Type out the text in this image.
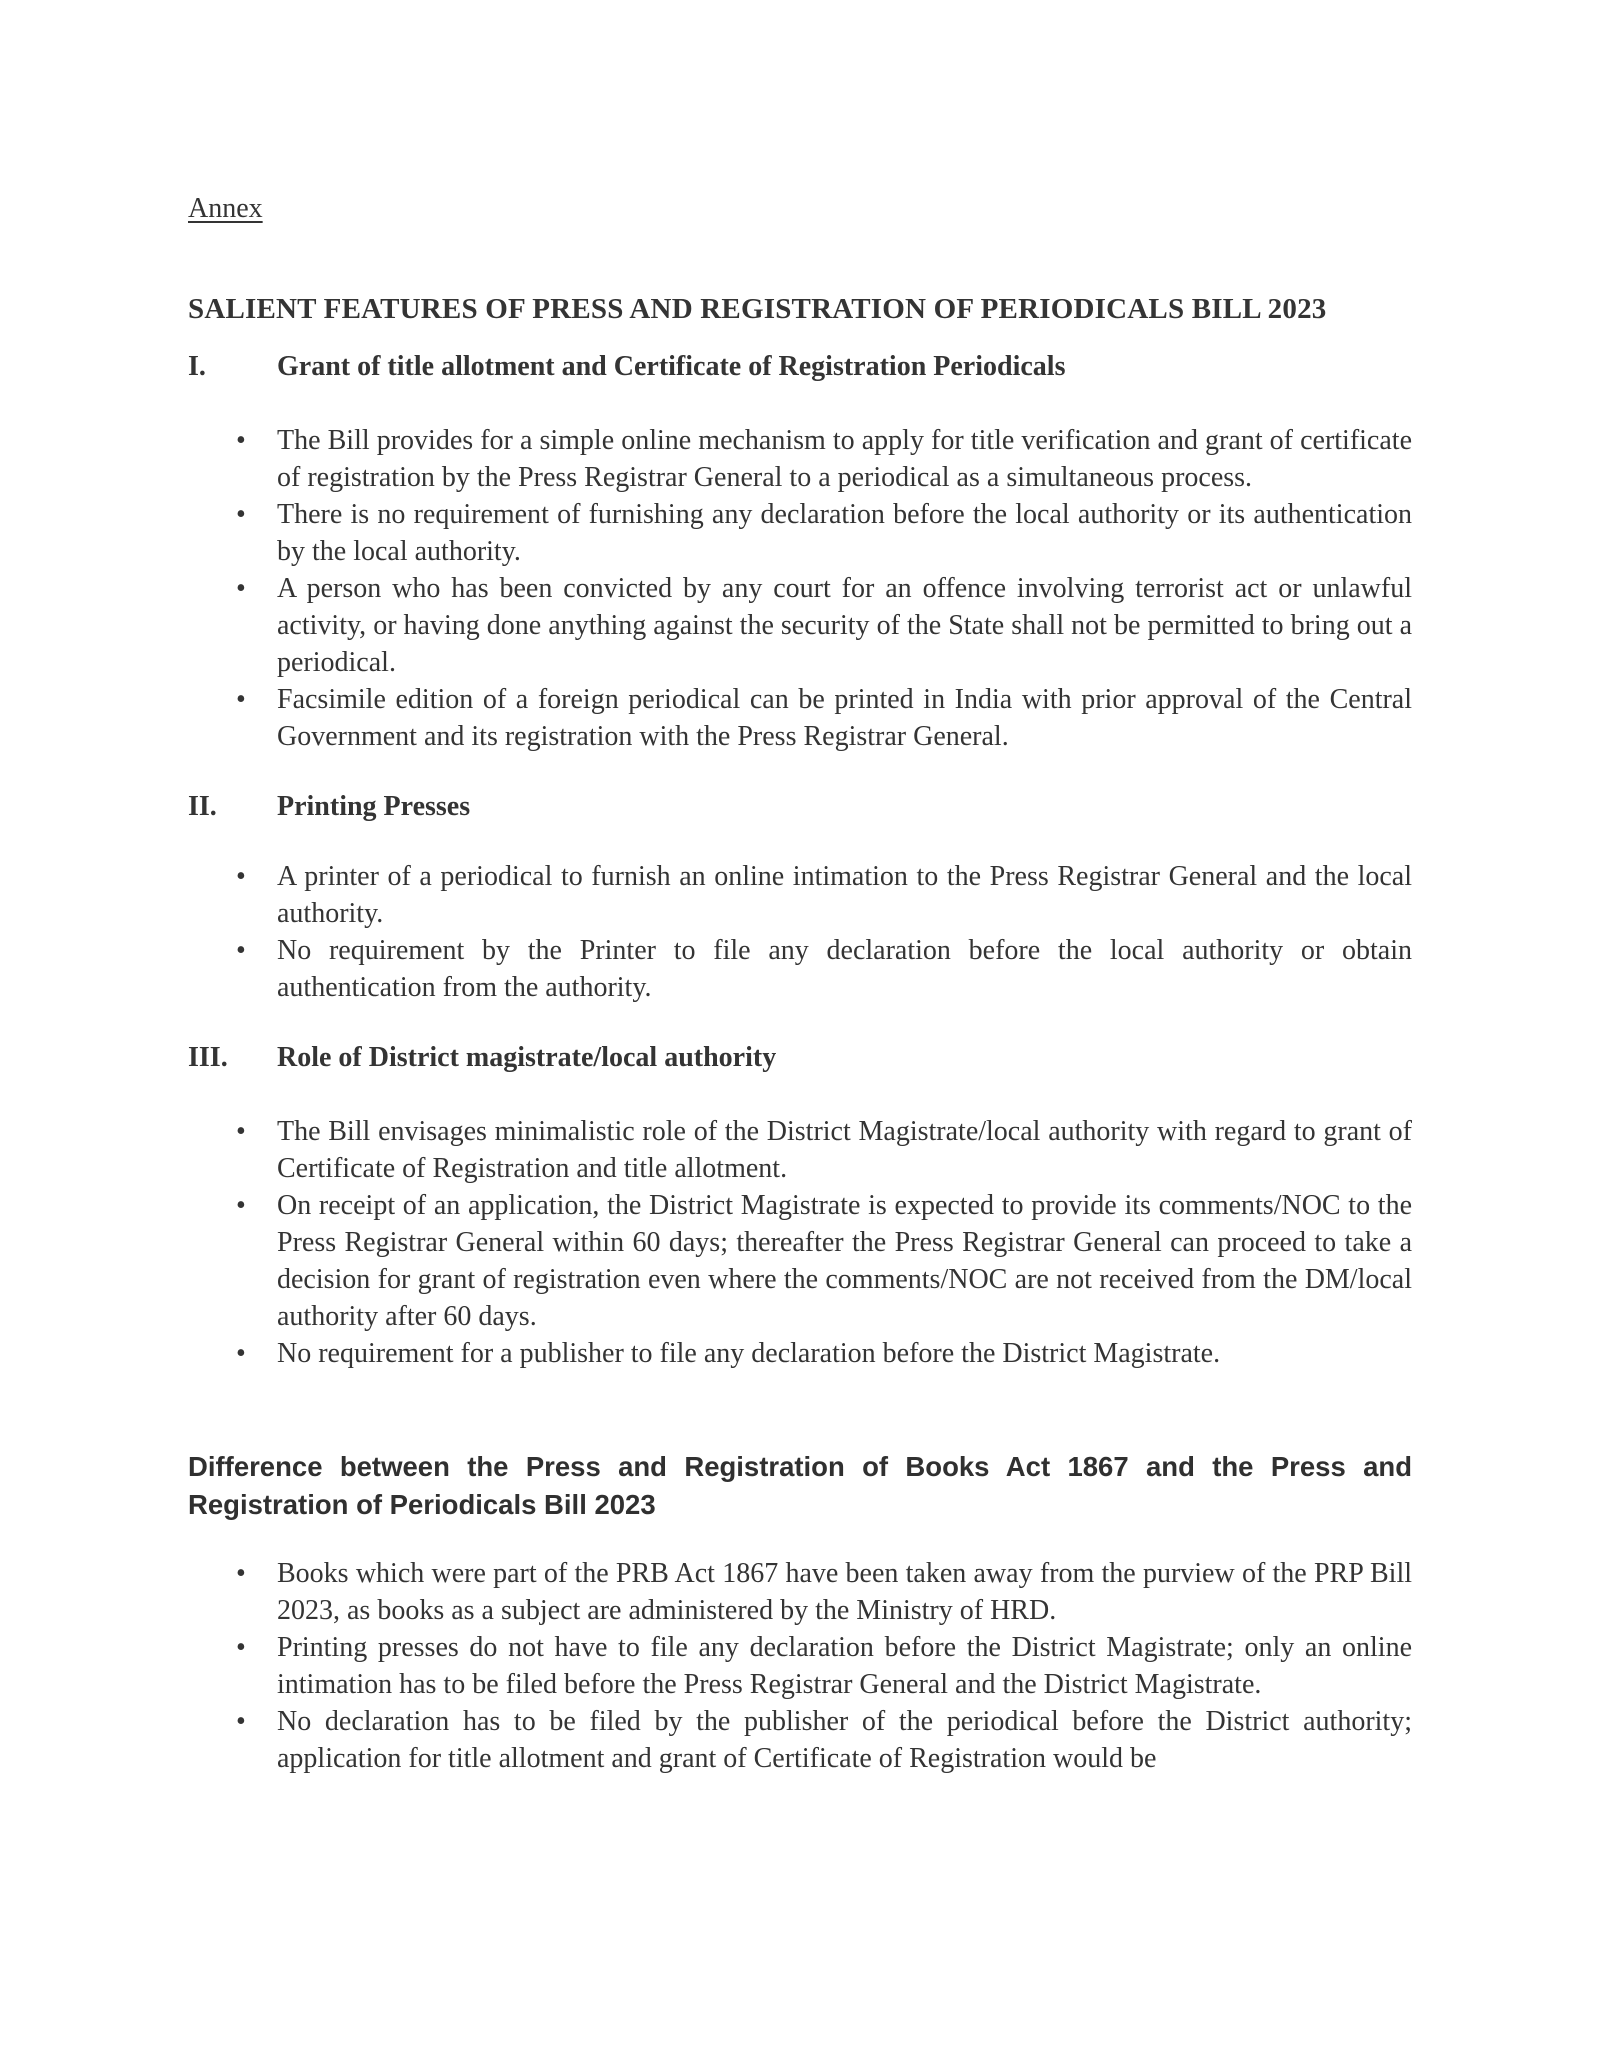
Annex
SALIENT FEATURES OF PRESS AND REGISTRATION OF PERIODICALS BILL 2023
I.	Grant of title allotment and Certificate of Registration Periodicals
• The Bill provides for a simple online mechanism to apply for title verification and grant of certificate of registration by the Press Registrar General to a periodical as a simultaneous process.
• There is no requirement of furnishing any declaration before the local authority or its authentication by the local authority.
• A person who has been convicted by any court for an offence involving terrorist act or unlawful activity, or having done anything against the security of the State shall not be permitted to bring out a periodical.
• Facsimile edition of a foreign periodical can be printed in India with prior approval of the Central Government and its registration with the Press Registrar General.
II. Printing Presses
• A printer of a periodical to furnish an online intimation to the Press Registrar General and the local authority.
• No requirement by the Printer to file any declaration before the local authority or obtain authentication from the authority.
III. Role of District magistrate/local authority
• The Bill envisages minimalistic role of the District Magistrate/local authority with regard to grant of Certificate of Registration and title allotment.
• On receipt of an application, the District Magistrate is expected to provide its comments/NOC to the Press Registrar General within 60 days; thereafter the Press Registrar General can proceed to take a decision for grant of registration even where the comments/NOC are not received from the DM/local authority after 60 days.
• No requirement for a publisher to file any declaration before the District Magistrate.
Difference between the Press and Registration of Books Act 1867 and the Press and Registration of Periodicals Bill 2023
• Books which were part of the PRB Act 1867 have been taken away from the purview of the PRP Bill 2023, as books as a subject are administered by the Ministry of HRD.
• Printing presses do not have to file any declaration before the District Magistrate; only an online intimation has to be filed before the Press Registrar General and the District Magistrate.
• No declaration has to be filed by the publisher of the periodical before the District authority; application for title allotment and grant of Certificate of Registration would be
